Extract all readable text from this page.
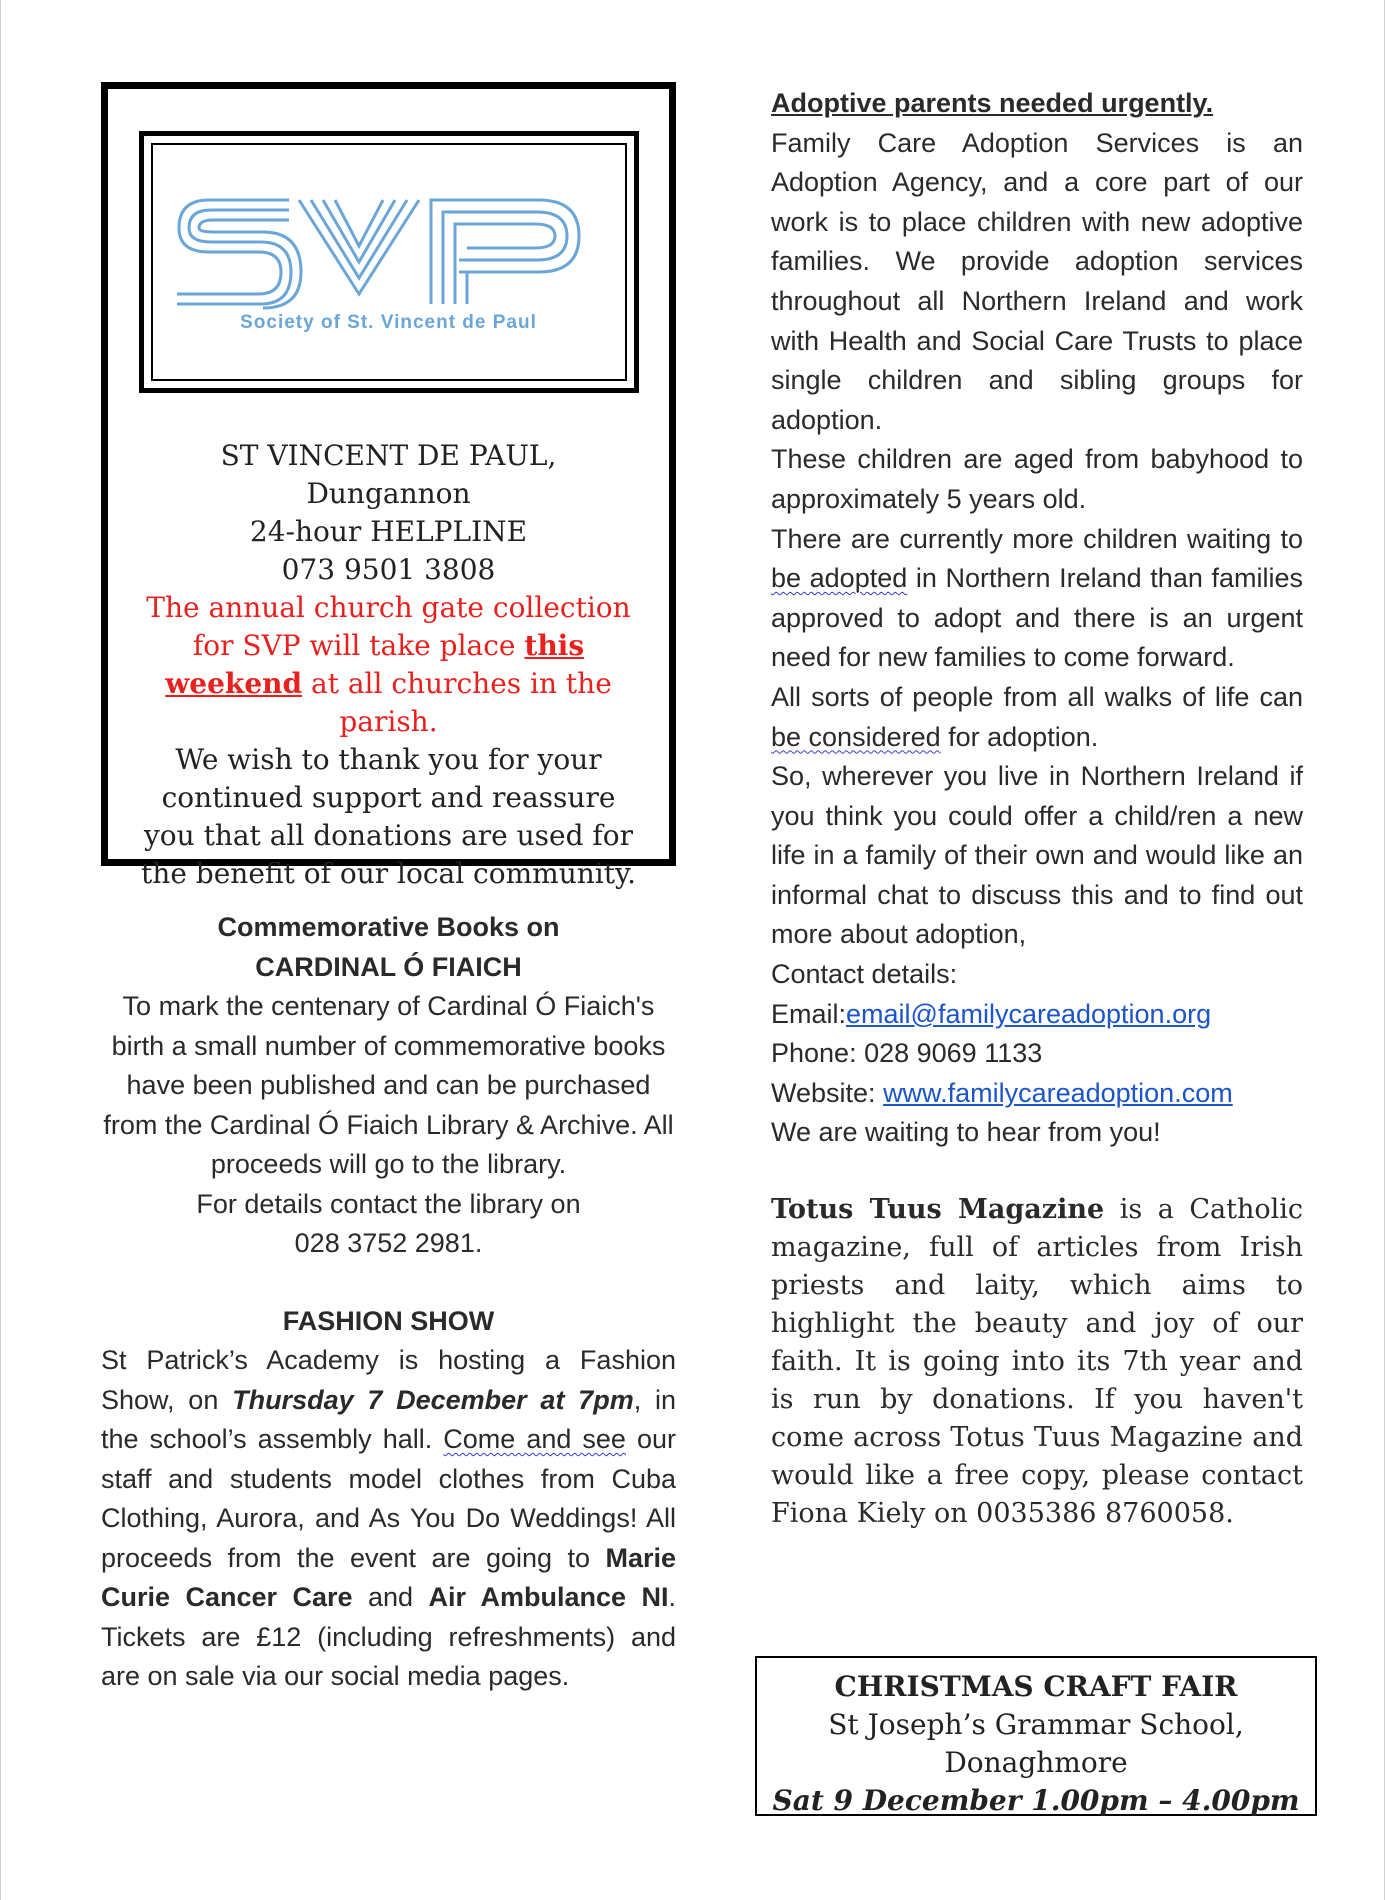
Society of St. Vincent de Paul
ST VINCENT DE PAUL, Dungannon
24-hour HELPLINE
073 9501 3808
The annual church gate collection for SVP will take place this weekend at all churches in the parish.
We wish to thank you for your continued support and reassure you that all donations are used for the benefit of our local community.
Commemorative Books on
CARDINAL Ó FIAICH
To mark the centenary of Cardinal Ó Fiaich's birth a small number of commemorative books have been published and can be purchased from the Cardinal Ó Fiaich Library & Archive. All proceeds will go to the library.
For details contact the library on
028 3752 2981.
FASHION SHOW
St Patrick’s Academy is hosting a Fashion Show, on Thursday 7 December at 7pm, in the school’s assembly hall. Come and see our staff and students model clothes from Cuba Clothing, Aurora, and As You Do Weddings! All proceeds from the event are going to Marie Curie Cancer Care and Air Ambulance NI. Tickets are £12 (including refreshments) and are on sale via our social media pages.
Adoptive parents needed urgently.
Family Care Adoption Services is an Adoption Agency, and a core part of our work is to place children with new adoptive families. We provide adoption services throughout all Northern Ireland and work with Health and Social Care Trusts to place single children and sibling groups for adoption.
These children are aged from babyhood to approximately 5 years old.
There are currently more children waiting to be adopted in Northern Ireland than families approved to adopt and there is an urgent need for new families to come forward.
All sorts of people from all walks of life can be considered for adoption.
So, wherever you live in Northern Ireland if you think you could offer a child/ren a new life in a family of their own and would like an informal chat to discuss this and to find out more about adoption,
Contact details:
Email:email@familycareadoption.org
Phone: 028 9069 1133
Website: www.familycareadoption.com
We are waiting to hear from you!
Totus Tuus Magazine is a Catholic magazine, full of articles from Irish priests and laity, which aims to highlight the beauty and joy of our faith. It is going into its 7th year and is run by donations. If you haven't come across Totus Tuus Magazine and would like a free copy, please contact Fiona Kiely on 0035386 8760058.
CHRISTMAS CRAFT FAIR
St Joseph’s Grammar School,
Donaghmore
Sat 9 December 1.00pm – 4.00pm
